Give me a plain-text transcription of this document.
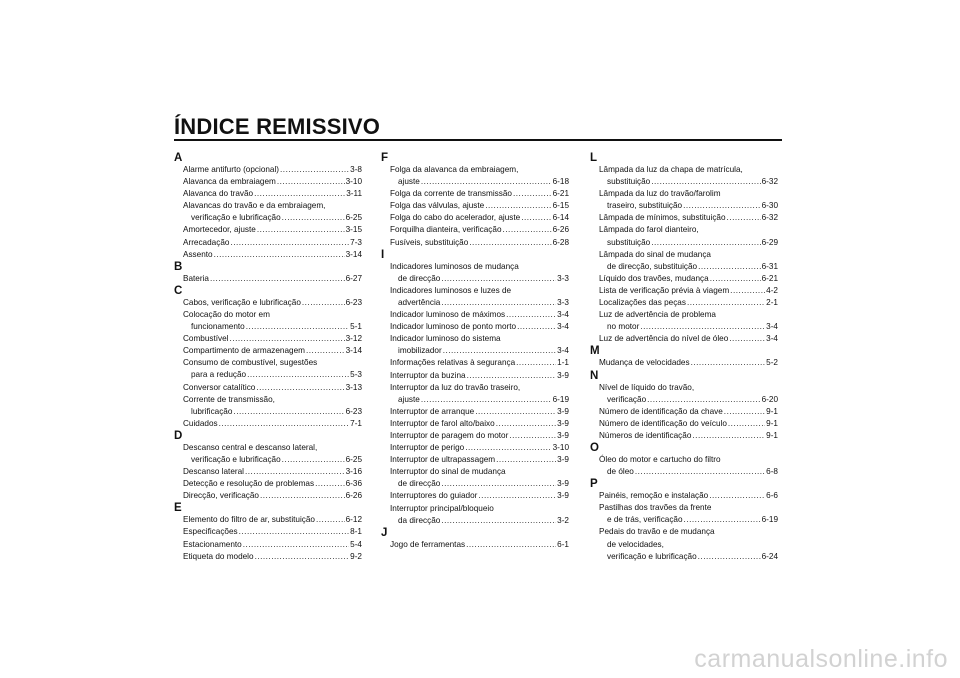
ÍNDICE REMISSIVO
A
Alarme antifurto (opcional) .....	3-8
Alavanca da embraiagem .....	3-10
Alavanca do travão .....	3-11
Alavancas do travão e da embraiagem,
verificação e lubrificação .....	6-25
Amortecedor, ajuste .....	3-15
Arrecadação .....	7-3
Assento .....	3-14
B
Bateria .....	6-27
C
Cabos, verificação e lubrificação .....	6-23
Colocação do motor em
funcionamento .....	5-1
Combustível .....	3-12
Compartimento de armazenagem .....	3-14
Consumo de combustível, sugestões
para a redução .....	5-3
Conversor catalítico .....	3-13
Corrente de transmissão,
lubrificação .....	6-23
Cuidados .....	7-1
D
Descanso central e descanso lateral,
verificação e lubrificação .....	6-25
Descanso lateral .....	3-16
Detecção e resolução de problemas .....	6-36
Direcção, verificação .....	6-26
E
Elemento do filtro de ar, substituição .....	6-12
Especificações .....	8-1
Estacionamento .....	5-4
Etiqueta do modelo .....	9-2
F
Folga da alavanca da embraiagem,
ajuste .....	6-18
Folga da corrente de transmissão .....	6-21
Folga das válvulas, ajuste .....	6-15
Folga do cabo do acelerador, ajuste .....	6-14
Forquilha dianteira, verificação .....	6-26
Fusíveis, substituição .....	6-28
I
Indicadores luminosos de mudança
de direcção .....	3-3
Indicadores luminosos e luzes de
advertência .....	3-3
Indicador luminoso de máximos .....	3-4
Indicador luminoso de ponto morto .....	3-4
Indicador luminoso do sistema
imobilizador .....	3-4
Informações relativas à segurança .....	1-1
Interruptor da buzina .....	3-9
Interruptor da luz do travão traseiro,
ajuste .....	6-19
Interruptor de arranque .....	3-9
Interruptor de farol alto/baixo .....	3-9
Interruptor de paragem do motor .....	3-9
Interruptor de perigo .....	3-10
Interruptor de ultrapassagem .....	3-9
Interruptor do sinal de mudança
de direcção .....	3-9
Interruptores do guiador .....	3-9
Interruptor principal/bloqueio
da direcção .....	3-2
J
Jogo de ferramentas .....	6-1
L
Lâmpada da luz da chapa de matrícula,
substituição .....	6-32
Lâmpada da luz do travão/farolim
traseiro, substituição .....	6-30
Lâmpada de mínimos, substituição .....	6-32
Lâmpada do farol dianteiro,
substituição .....	6-29
Lâmpada do sinal de mudança
de direcção, substituição .....	6-31
Líquido dos travões, mudança .....	6-21
Lista de verificação prévia à viagem .....	4-2
Localizações das peças .....	2-1
Luz de advertência de problema
no motor .....	3-4
Luz de advertência do nível de óleo .....	3-4
M
Mudança de velocidades .....	5-2
N
Nível de líquido do travão,
verificação .....	6-20
Número de identificação da chave .....	9-1
Número de identificação do veículo .....	9-1
Números de identificação .....	9-1
O
Óleo do motor e cartucho do filtro
de óleo .....	6-8
P
Painéis, remoção e instalação .....	6-6
Pastilhas dos travões da frente
e de trás, verificação .....	6-19
Pedais do travão e de mudança
de velocidades,
verificação e lubrificação .....	6-24
carmanualsonline.info
